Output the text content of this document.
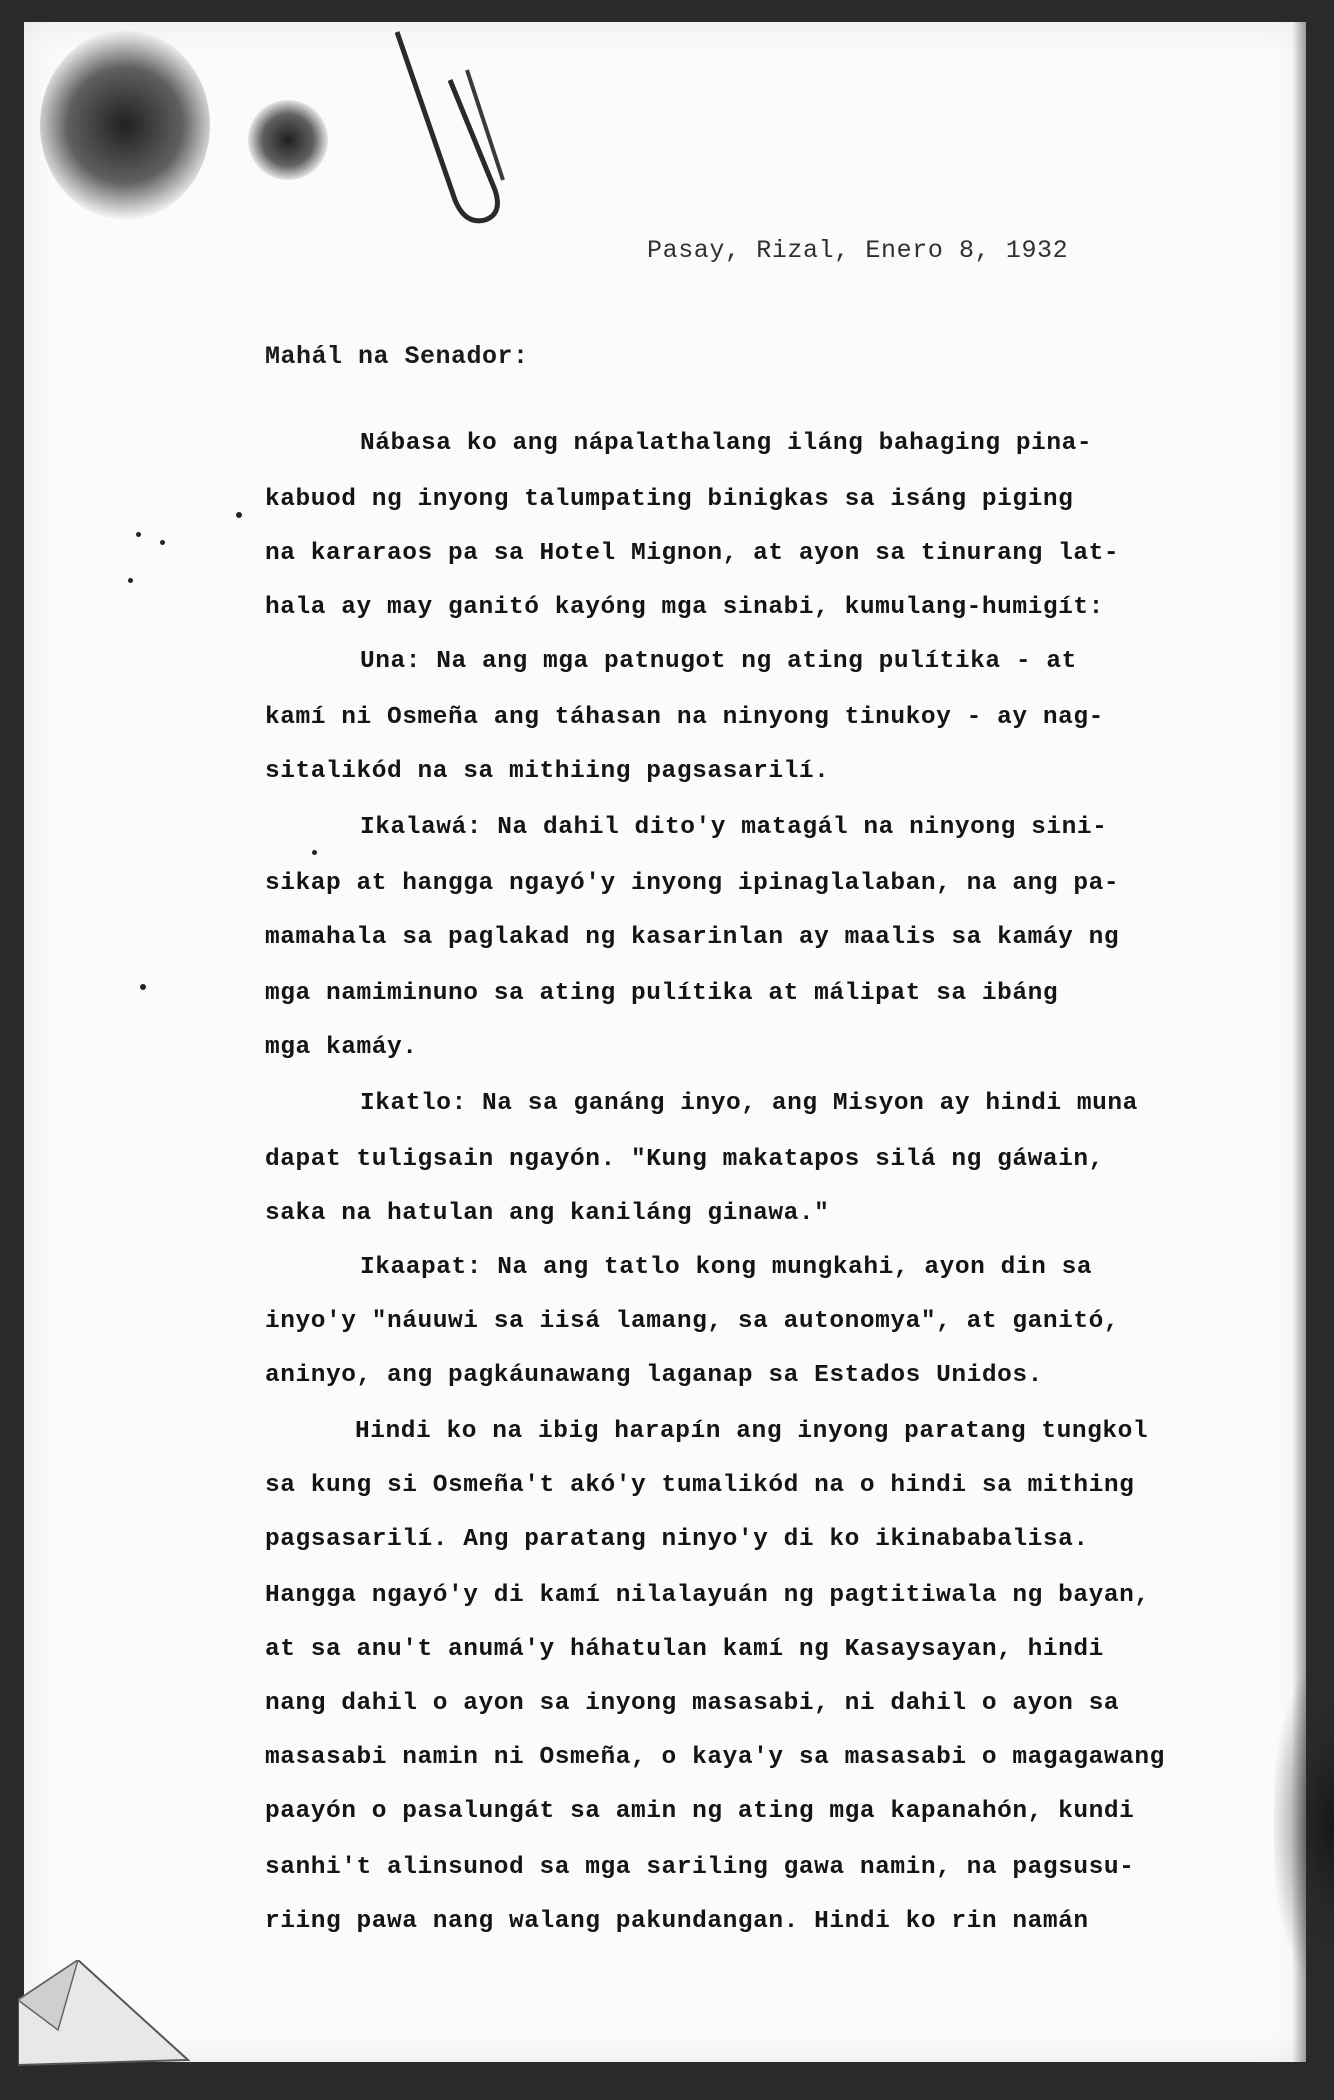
Pasay, Rizal, Enero 8, 1932
Mahál na Senador:
Nábasa ko ang nápalathalang iláng bahaging pina-
kabuod ng inyong talumpating binigkas sa isáng piging
na kararaos pa sa Hotel Mignon, at ayon sa tinurang lat-
hala ay may ganitó kayóng mga sinabi, kumulang-humigít:
Una: Na ang mga patnugot ng ating pulítika - at
kamí ni Osmeña ang táhasan na ninyong tinukoy - ay nag-
sitalikód na sa mithiing pagsasarilí.
Ikalawá: Na dahil dito'y matagál na ninyong sini-
sikap at hangga ngayó'y inyong ipinaglalaban, na ang pa-
mamahala sa paglakad ng kasarinlan ay maalis sa kamáy ng
mga namiminuno sa ating pulítika at málipat sa ibáng
mga kamáy.
Ikatlo: Na sa ganáng inyo, ang Misyon ay hindi muna
dapat tuligsain ngayón. "Kung makatapos silá ng gáwain,
saka na hatulan ang kaniláng ginawa."
Ikaapat: Na ang tatlo kong mungkahi, ayon din sa
inyo'y "náuuwi sa iisá lamang, sa autonomya", at ganitó,
aninyo, ang pagkáunawang laganap sa Estados Unidos.
Hindi ko na ibig harapín ang inyong paratang tungkol
sa kung si Osmeña't akó'y tumalikód na o hindi sa mithing
pagsasarilí. Ang paratang ninyo'y di ko ikinababalisa.
Hangga ngayó'y di kamí nilalayuán ng pagtitiwala ng bayan,
at sa anu't anumá'y háhatulan kamí ng Kasaysayan, hindi
nang dahil o ayon sa inyong masasabi, ni dahil o ayon sa
masasabi namin ni Osmeña, o kaya'y sa masasabi o magagawang
paayón o pasalungát sa amin ng ating mga kapanahón, kundi
sanhi't alinsunod sa mga sariling gawa namin, na pagsusu-
riing pawa nang walang pakundangan. Hindi ko rin namán
